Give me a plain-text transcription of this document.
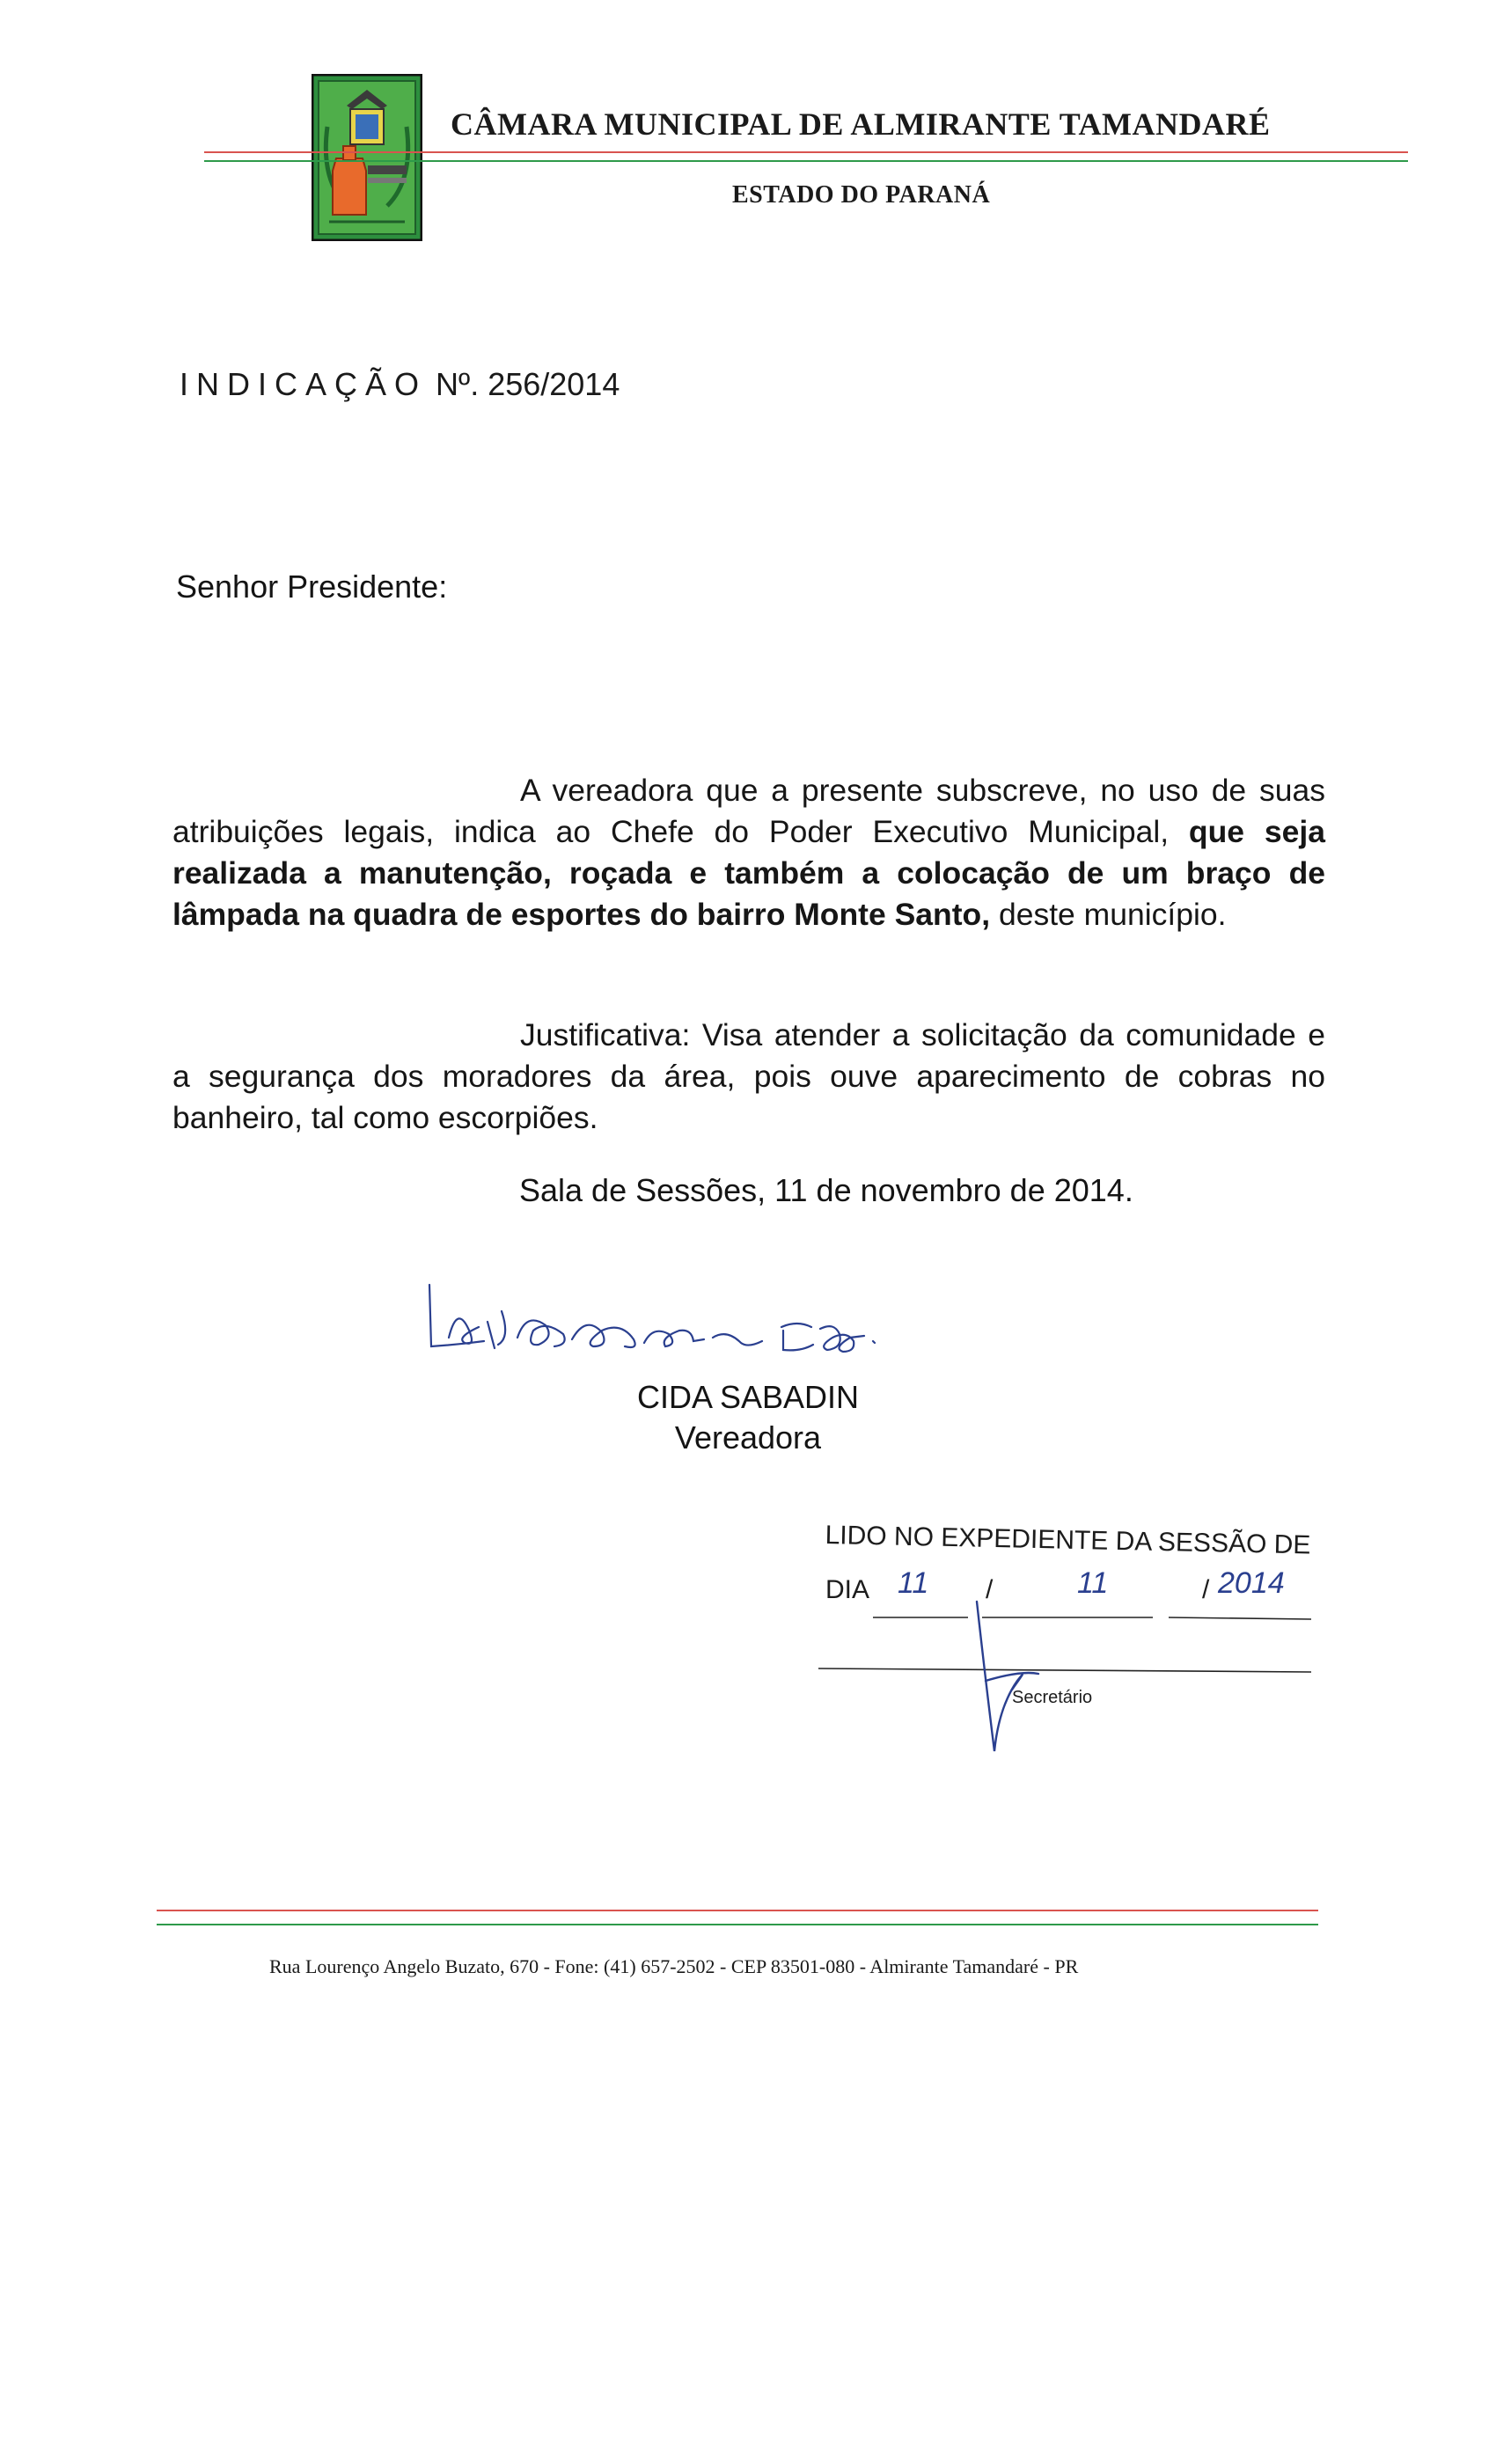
CÂMARA MUNICIPAL DE ALMIRANTE TAMANDARÉ
ESTADO DO PARANÁ
INDICAÇÃO Nº. 256/2014
Senhor Presidente:
A vereadora que a presente subscreve, no uso de suas atribuições legais, indica ao Chefe do Poder Executivo Municipal, que seja realizada a manutenção, roçada e também a colocação de um braço de lâmpada na quadra de esportes do bairro Monte Santo, deste município.
Justificativa: Visa atender a solicitação da comunidade e a segurança dos moradores da área, pois ouve aparecimento de cobras no banheiro, tal como escorpiões.
Sala de Sessões, 11 de novembro de 2014.
CIDA SABADIN
Vereadora
LIDO NO EXPEDIENTE DA SESSÃO DE
DIA 11 /	11	/ 2014
Secretário
Rua Lourenço Angelo Buzato, 670 - Fone: (41) 657-2502 - CEP 83501-080 - Almirante Tamandaré - PR
